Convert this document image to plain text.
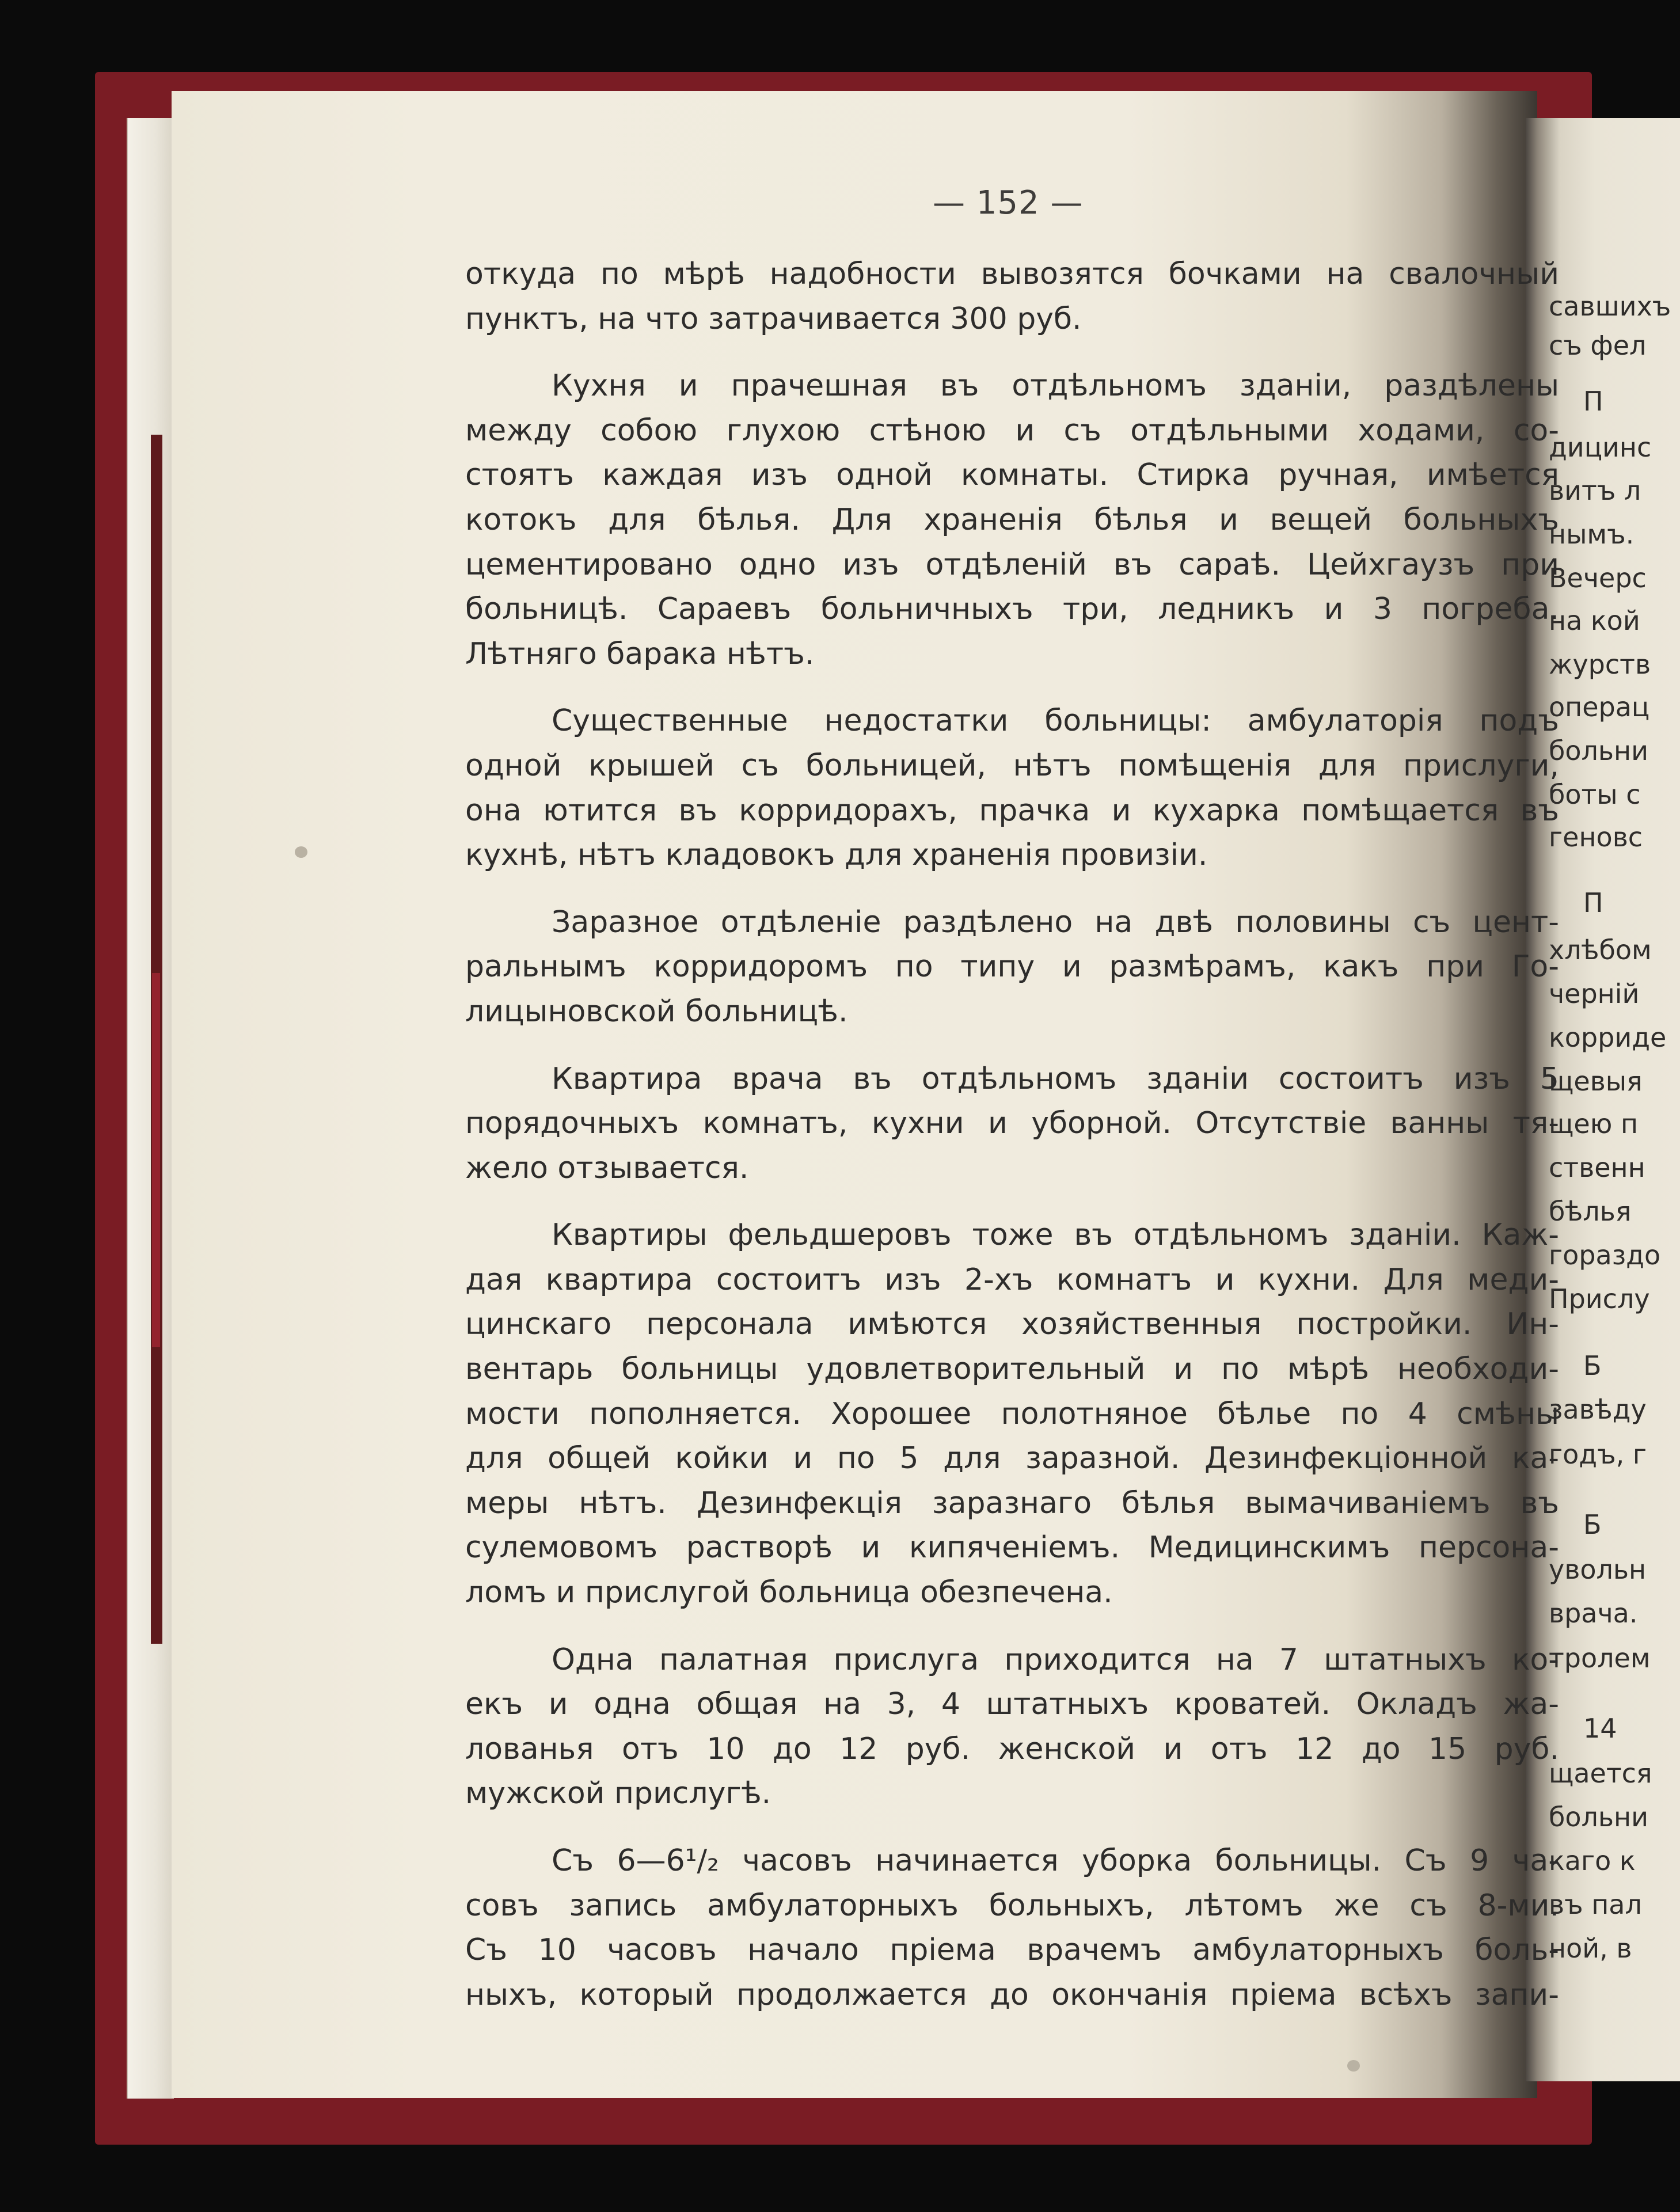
савшихъ
съ фел
П
дицинс
витъ л
нымъ.
Вечерс
на кой
журств
операц
больни
боты с
геновс
П
хлѣбом
черній
корриде
щевыя
щею п
ственн
бѣлья
гораздо
Прислу
Б
завѣду
годъ, г
Б
увольн
врача.
тролем
14
щается
больни
каго к
въ пал
ной, в
— 152 —

откуда по мѣрѣ надобности вывозятся бочками на свалочный
пунктъ, на что затрачивается 300 руб.

Кухня и прачешная въ отдѣльномъ зданіи, раздѣлены
между собою глухою стѣною и съ отдѣльными ходами, со-
стоятъ каждая изъ одной комнаты. Стирка ручная, имѣется
котокъ для бѣлья. Для храненія бѣлья и вещей больныхъ
цементировано одно изъ отдѣленій въ сараѣ. Цейхгаузъ при
больницѣ. Сараевъ больничныхъ три, ледникъ и 3 погреба.
Лѣтняго барака нѣтъ.

Существенные недостатки больницы: амбулаторія подъ
одной крышей съ больницей, нѣтъ помѣщенія для прислуги,
она ютится въ корридорахъ, прачка и кухарка помѣщается въ
кухнѣ, нѣтъ кладовокъ для храненія провизіи.

Заразное отдѣленіе раздѣлено на двѣ половины съ цент-
ральнымъ корридоромъ по типу и размѣрамъ, какъ при Го-
лицыновской больницѣ.

Квартира врача въ отдѣльномъ зданіи состоитъ изъ 5
порядочныхъ комнатъ, кухни и уборной. Отсутствіе ванны тя-
жело отзывается.

Квартиры фельдшеровъ тоже въ отдѣльномъ зданіи. Каж-
дая квартира состоитъ изъ 2-хъ комнатъ и кухни. Для меди-
цинскаго персонала имѣются хозяйственныя постройки. Ин-
вентарь больницы удовлетворительный и по мѣрѣ необходи-
мости пополняется. Хорошее полотняное бѣлье по 4 смѣны
для общей койки и по 5 для заразной. Дезинфекціонной ка-
меры нѣтъ. Дезинфекція заразнаго бѣлья вымачиваніемъ въ
сулемовомъ растворѣ и кипяченіемъ. Медицинскимъ персона-
ломъ и прислугой больница обезпечена.

Одна палатная прислуга приходится на 7 штатныхъ ко-
екъ и одна общая на 3, 4 штатныхъ кроватей. Окладъ жа-
лованья отъ 10 до 12 руб. женской и отъ 12 до 15 руб.
мужской прислугѣ.

Съ 6—6¹/₂ часовъ начинается уборка больницы. Съ 9 ча-
совъ запись амбулаторныхъ больныхъ, лѣтомъ же съ 8-ми.
Съ 10 часовъ начало пріема врачемъ амбулаторныхъ боль-
ныхъ, который продолжается до окончанія пріема всѣхъ запи-
